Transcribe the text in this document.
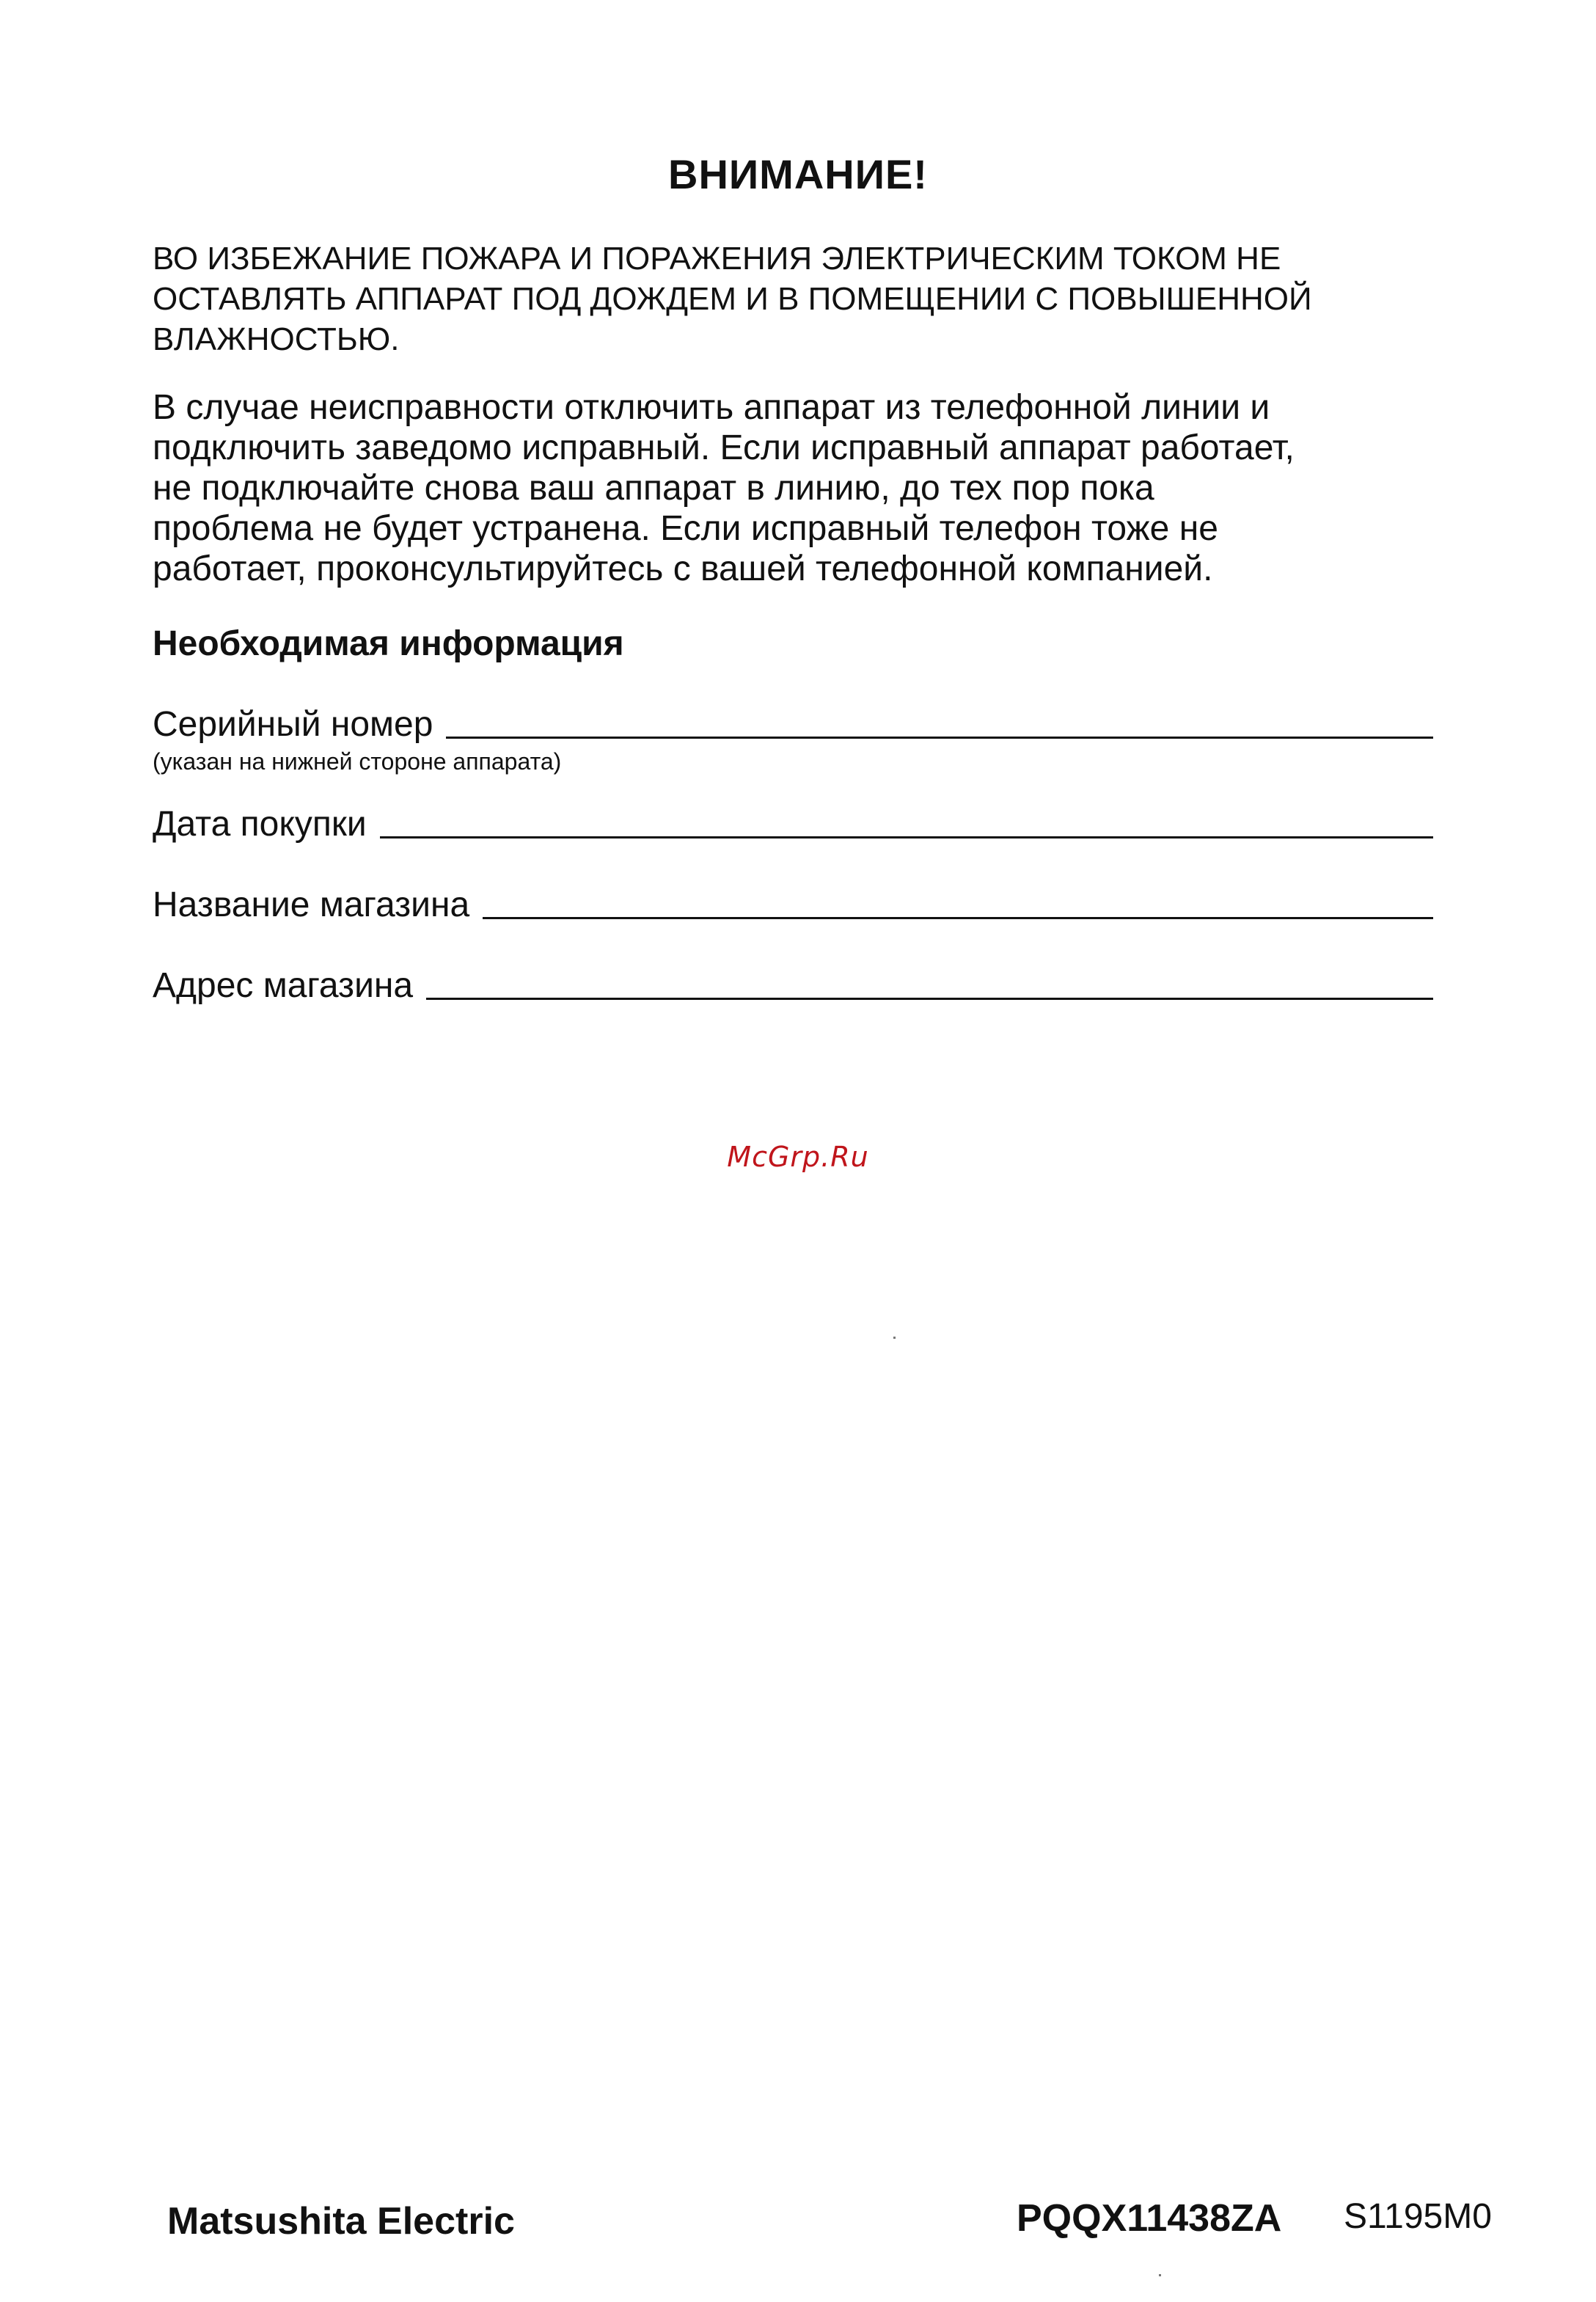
ВНИМАНИЕ!

ВО ИЗБЕЖАНИЕ ПОЖАРА И ПОРАЖЕНИЯ ЭЛЕКТРИЧЕСКИМ ТОКОМ НЕ

ОСТАВЛЯТЬ АППАРАТ ПОД ДОЖДЕМ И В ПОМЕЩЕНИИ С ПОВЫШЕННОЙ

ВЛАЖНОСТЬЮ.

В случае неисправности отключить аппарат из телефонной линии и

подключить заведомо исправный. Если исправный аппарат работает,

не подключайте снова ваш аппарат в линию, до тех пор пока

проблема не будет устранена. Если исправный телефон тоже не

работает, проконсультируйтесь с вашей телефонной компанией.

Необходимая информация
Серийный номер
(указан на нижней стороне аппарата)
Дата покупки
Название магазина
Адрес магазина
McGrp.Ru
Matsushita Electric	PQQX11438ZA S1195M0
